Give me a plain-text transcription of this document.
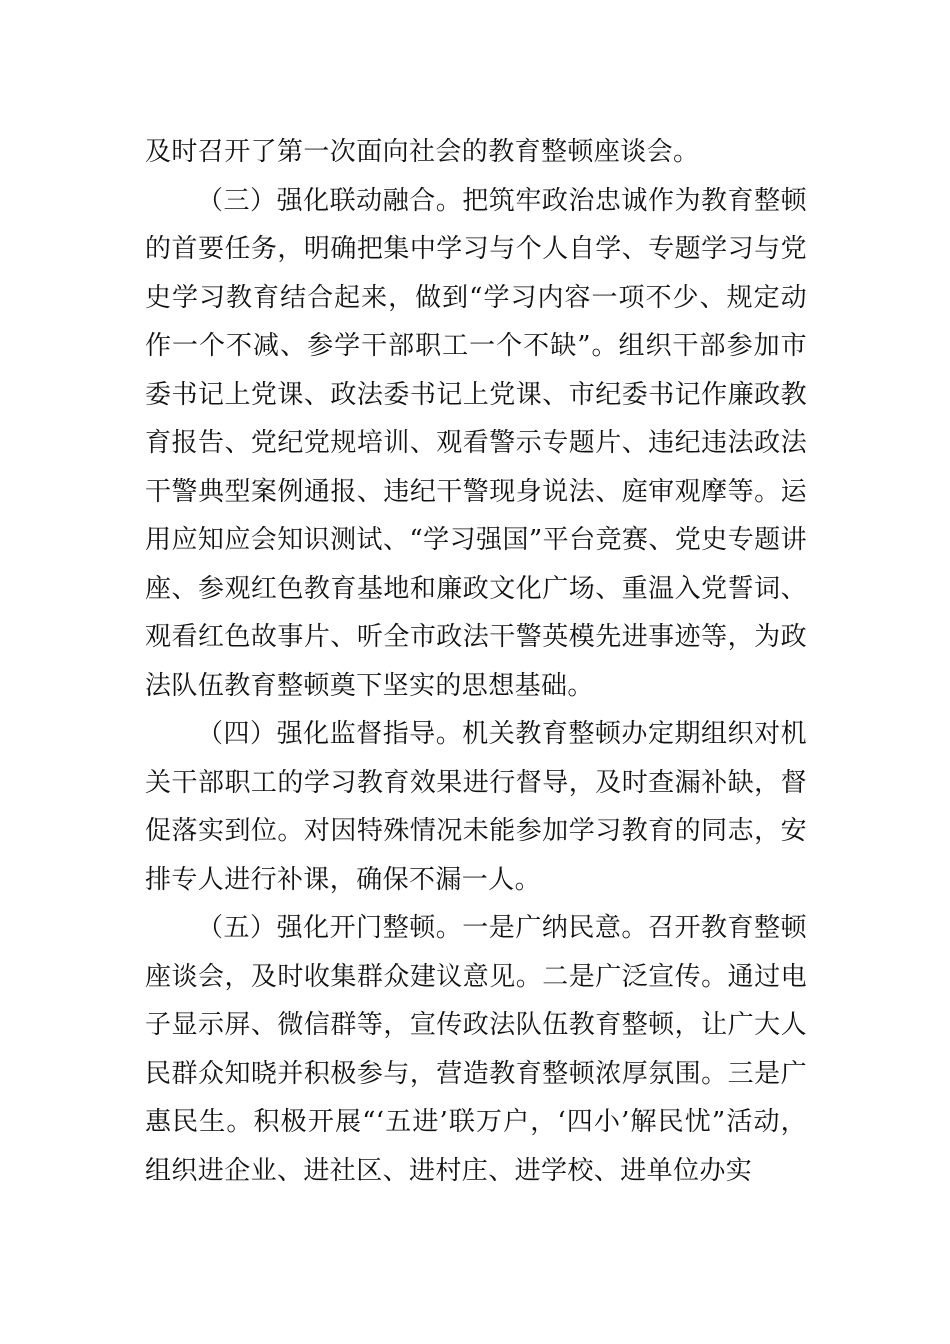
及时召开了第一次面向社会的教育整顿座谈会。

（三）强化联动融合。把筑牢政治忠诚作为教育整顿的首要任务，明确把集中学习与个人自学、专题学习与党史学习教育结合起来，做到“学习内容一项不少、规定动作一个不减、参学干部职工一个不缺”。组织干部参加市委书记上党课、政法委书记上党课、市纪委书记作廉政教育报告、党纪党规培训、观看警示专题片、违纪违法政法干警典型案例通报、违纪干警现身说法、庭审观摩等。运用应知应会知识测试、“学习强国”平台竞赛、党史专题讲座、参观红色教育基地和廉政文化广场、重温入党誓词、观看红色故事片、听全市政法干警英模先进事迹等，为政法队伍教育整顿奠下坚实的思想基础。

（四）强化监督指导。机关教育整顿办定期组织对机关干部职工的学习教育效果进行督导，及时查漏补缺，督促落实到位。对因特殊情况未能参加学习教育的同志，安排专人进行补课，确保不漏一人。

（五）强化开门整顿。一是广纳民意。召开教育整顿座谈会，及时收集群众建议意见。二是广泛宣传。通过电子显示屏、微信群等，宣传政法队伍教育整顿，让广大人民群众知晓并积极参与，营造教育整顿浓厚氛围。三是广惠民生。积极开展“‘五进’联万户，‘四小’解民忧”活动，组织进企业、进社区、进村庄、进学校、进单位办实
